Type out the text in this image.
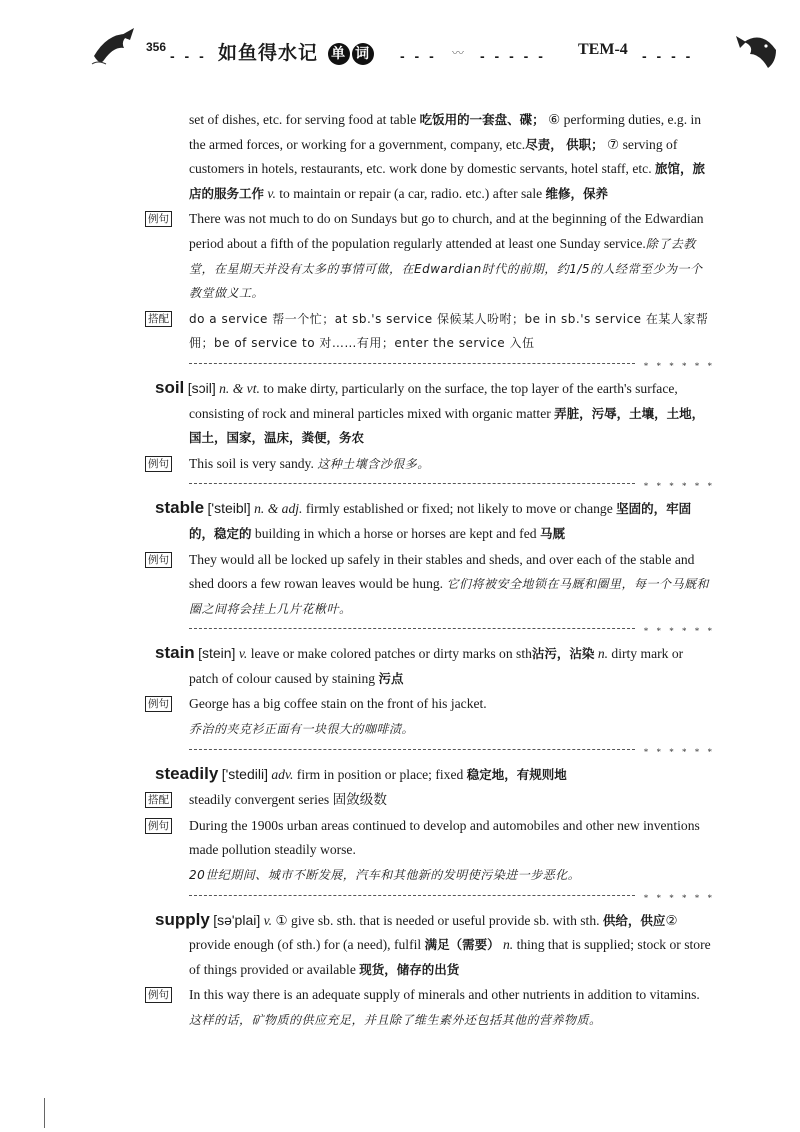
356
- - - 如鱼得水记 单 词 - - - 〰 - - - - - TEM-4 - - - -

set of dishes, etc. for serving food at table 吃饭用的一套盘、碟； ⑥ performing duties, e.g. in the armed forces, or working for a government, company, etc.尽责， 供职； ⑦ serving of customers in hotels, restaurants, etc. work done by domestic servants, hotel staff, etc. 旅馆，旅店的服务工作 v. to maintain or repair (a car, radio. etc.) after sale 维修，保养

例句 There was not much to do on Sundays but go to church, and at the beginning of the Edwardian period about a fifth of the population regularly attended at least one Sunday service.除了去教堂，在星期天并没有太多的事情可做，在Edwardian时代的前期，约1/5的人经常至少为一个教堂做义工。
搭配 do a service 帮一个忙；at sb.'s service 保候某人吩咐；be in sb.'s service 在某人家帮佣；be of service to 对……有用；enter the service 入伍
* * * * * *

soil [sɔil] n. & vt. to make dirty, particularly on the surface, the top layer of the earth's surface, consisting of rock and mineral particles mixed with organic matter 弄脏，污辱，土壤，土地，国土，国家，温床，粪便，务农

例句 This soil is very sandy. 这种土壤含沙很多。
* * * * * *

stable ['steibl] n. & adj. firmly established or fixed; not likely to move or change 坚固的，牢固的，稳定的 building in which a horse or horses are kept and fed 马厩

例句 They would all be locked up safely in their stables and sheds, and over each of the stable and shed doors a few rowan leaves would be hung. 它们将被安全地锁在马厩和圈里，每一个马厩和圈之间将会挂上几片花楸叶。
* * * * * *

stain [stein] v. leave or make colored patches or dirty marks on sth沾污，沾染 n. dirty mark or patch of colour caused by staining 污点

例句 George has a big coffee stain on the front of his jacket.
乔治的夹克衫正面有一块很大的咖啡渍。
* * * * * *

steadily ['stedili] adv. firm in position or place; fixed 稳定地，有规则地

搭配 steadily convergent series 固敛级数
例句 During the 1900s urban areas continued to develop and automobiles and other new inventions made pollution steadily worse.
20世纪期间、城市不断发展，汽车和其他新的发明使污染进一步恶化。
* * * * * *

supply [sə'plai] v. ① give sb. sth. that is needed or useful provide sb. with sth. 供给，供应② provide enough (of sth.) for (a need), fulfil 满足（需要） n. thing that is supplied; stock or store of things provided or available 现货，储存的出货

例句 In this way there is an adequate supply of minerals and other nutrients in addition to vitamins. 这样的话，矿物质的供应充足，并且除了维生素外还包括其他的营养物质。
